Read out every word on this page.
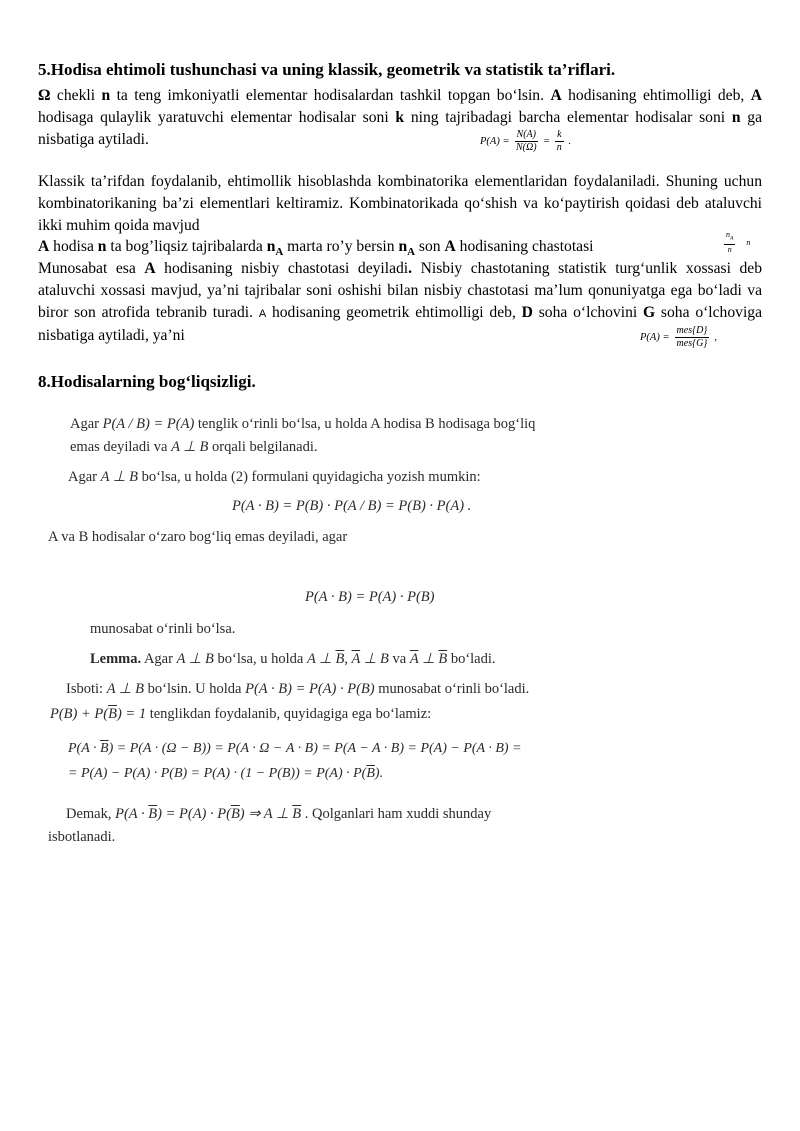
5.Hodisa ehtimoli tushunchasi va uning klassik, geometrik va statistik ta’riflari.

Ω chekli n ta teng imkoniyatli elementar hodisalardan tashkil topgan bo‘lsin. A hodisaning ehtimolligi deb, A hodisaga qulaylik yaratuvchi elementar hodisalar soni k ning tajribadagi barcha elementar hodisalar soni n ga nisbatiga aytiladi.	$P(A) = \frac{N(A)}{N(\Omega)} = \frac{k}{n}$ .

Klassik ta’rifdan foydalanib, ehtimollik hisoblashda kombinatorika elementlaridan foydalaniladi. Shuning uchun kombinatorikaning ba’zi elementlari keltiramiz. Kombinatorikada qo‘shish va ko‘paytirish qoidasi deb ataluvchi ikki muhim qoida mavjud

A hodisa n ta bog’liqsiz tajribalarda $n_A$ marta ro’y bersin $n_A$ son A hodisaning chastotasi	$\frac{n_A}{n}$ n

Munosabat esa A hodisaning nisbiy chastotasi deyiladi. Nisbiy chastotaning statistik turg‘unlik xossasi deb ataluvchi xossasi mavjud, ya’ni tajribalar soni oshishi bilan nisbiy chastotasi ma’lum qonuniyatga ega bo‘ladi va biror son atrofida tebranib turadi. A hodisaning geometrik ehtimolligi deb, D soha o‘lchovini G soha o‘lchoviga nisbatiga aytiladi, ya’ni	$P(A) = \frac{\text{mes\{D\}}}{\text{mes\{G\}}}$ ,
8.Hodisalarning bog‘liqsizligi.
Agar P(A / B) = P(A) tenglik o‘rinli bo‘lsa, u holda A hodisa B hodisaga bog‘liq
emas deyiladi va A ⊥ B orqali belgilanadi.
Agar A ⊥ B bo‘lsa, u holda (2) formulani quyidagicha yozish mumkin:
P(A · B) = P(B) · P(A / B) = P(B) · P(A) .
A va B hodisalar o‘zaro bog‘liq emas deyiladi, agar
P(A · B) = P(A) · P(B)
munosabat o‘rinli bo‘lsa.
Lemma. Agar A ⊥ B bo‘lsa, u holda A ⊥ $\overline{B}$, $\overline{A}$ ⊥ B va $\overline{A}$ ⊥ $\overline{B}$ bo‘ladi.
Isboti: A ⊥ B bo‘lsin. U holda P(A · B) = P(A) · P(B) munosabat o‘rinli bo‘ladi.
$P(B) + P(\overline{B}) = 1$ tenglikdan foydalanib, quyidagiga ega bo‘lamiz:
$P(A \cdot \overline{B}) = P(A \cdot (\Omega - B)) = P(A \cdot \Omega - A \cdot B) = P(A - A \cdot B) = P(A) - P(A \cdot B)$ =
= $P(A) - P(A) \cdot P(B) = P(A) \cdot (1 - P(B)) = P(A) \cdot P(\overline{B})$.
Demak, $P(A \cdot \overline{B}) = P(A) \cdot P(\overline{B})$ ⇒ A ⊥ $\overline{B}$ . Qolganlari ham xuddi shunday
isbotlanadi.
